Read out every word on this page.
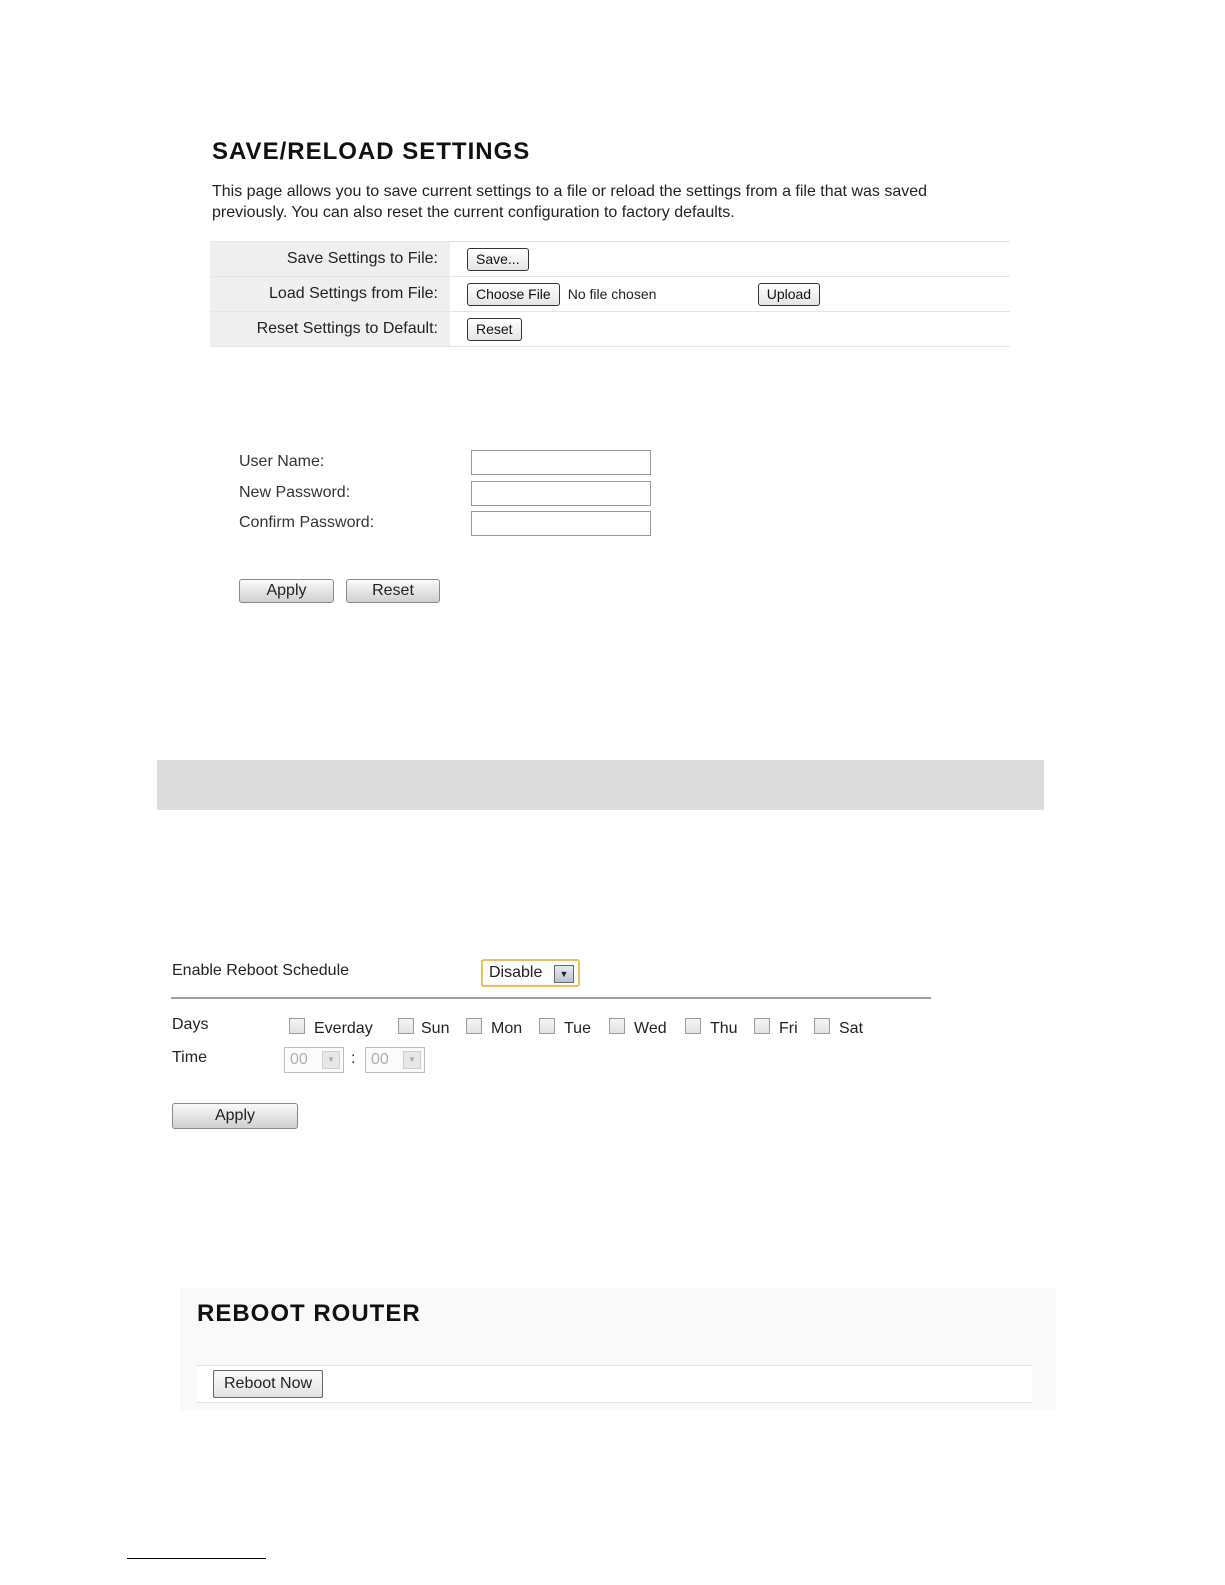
SAVE/RELOAD SETTINGS
This page allows you to save current settings to a file or reload the settings from a file that was saved previously. You can also reset the current configuration to factory defaults.
Save Settings to File:	Save...
Load Settings from File:	Choose File	No file chosen	Upload
Reset Settings to Default:	Reset
User Name:
New Password:
Confirm Password:
Apply	Reset
Enable Reboot Schedule	Disable	▼
Days	Everday	Sun	Mon	Tue	Wed	Thu	Fri	Sat
Time	00	▼	: 00	▼
Apply
REBOOT ROUTER
Reboot Now
